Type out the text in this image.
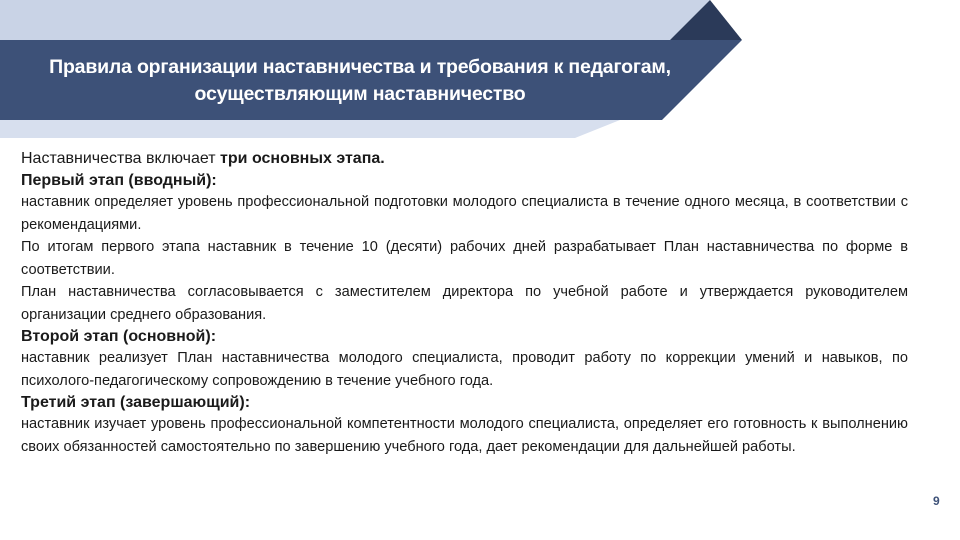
Правила организации наставничества и требования к педагогам,
осуществляющим наставничество

Наставничества включает три основных этапа.

Первый этап (вводный):

наставник определяет уровень профессиональной подготовки молодого специалиста в течение одного месяца, в соответствии с рекомендациями.

По итогам первого этапа наставник в течение 10 (десяти) рабочих дней разрабатывает План наставничества по форме в соответствии.

План наставничества согласовывается с заместителем директора по учебной работе и утверждается руководителем организации среднего образования.

Второй этап (основной):

наставник реализует План наставничества молодого специалиста, проводит работу по коррекции умений и навыков, по психолого-педагогическому сопровождению в течение учебного года.

Третий этап (завершающий):

наставник изучает уровень профессиональной компетентности молодого специалиста, определяет его готовность к выполнению своих обязанностей самостоятельно по завершению учебного года, дает рекомендации для дальнейшей работы.

9
